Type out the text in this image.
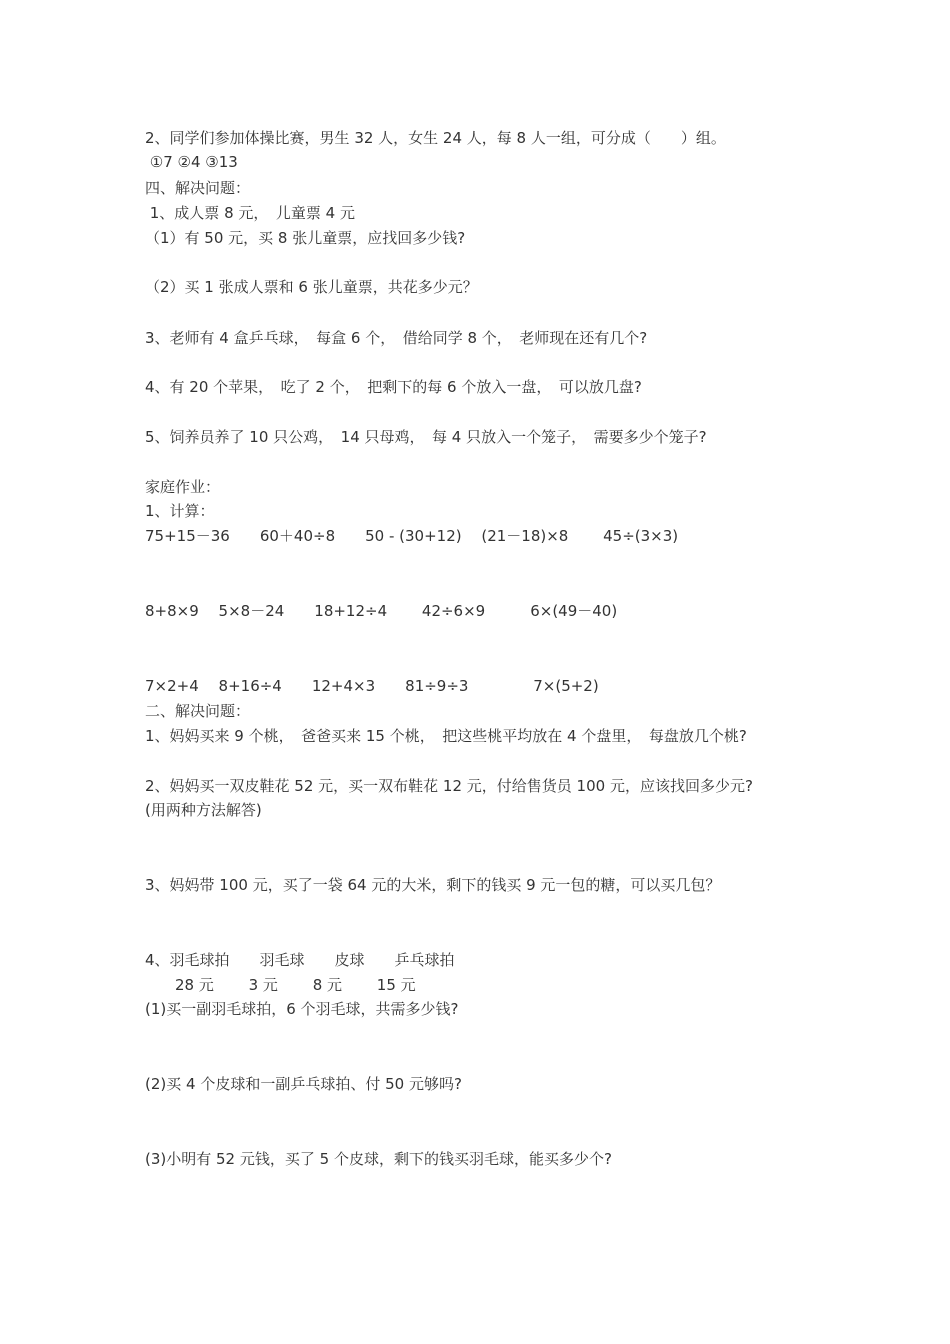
2、同学们参加体操比赛，男生 32 人，女生 24 人，每 8 人一组，可分成（　　）组。
①7 ②4 ③13
四、解决问题：
1、成人票 8 元，　儿童票 4 元
（1）有 50 元，买 8 张儿童票，应找回多少钱?
（2）买 1 张成人票和 6 张儿童票，共花多少元？
3、老师有 4 盒乒乓球，　每盒 6 个，　借给同学 8 个，　老师现在还有几个?
4、有 20 个苹果，　吃了 2 个，　把剩下的每 6 个放入一盘，　可以放几盘?
5、饲养员养了 10 只公鸡，　14 只母鸡，　每 4 只放入一个笼子，　需要多少个笼子?
家庭作业：
1、计算：
75+15－36　　60＋40÷8　　50 - (30+12)　 (21－18)×8　　 45÷(3×3)
8+8×9　 5×8－24　　18+12÷4　　 42÷6×9　　　6×(49－40)
7×2+4　 8+16÷4　　12+4×3　　81÷9÷3　　　　 7×(5+2)
二、解决问题：
1、妈妈买来 9 个桃，　爸爸买来 15 个桃，　把这些桃平均放在 4 个盘里，　每盘放几个桃?
2、妈妈买一双皮鞋花 52 元，买一双布鞋花 12 元，付给售货员 100 元，应该找回多少元?
(用两种方法解答)
3、妈妈带 100 元，买了一袋 64 元的大米，剩下的钱买 9 元一包的糖，可以买几包？
4、羽毛球拍　　羽毛球　　皮球　　乒乓球拍
　　28 元　　 3 元　　 8 元　　 15 元
(1)买一副羽毛球拍，6 个羽毛球，共需多少钱?
(2)买 4 个皮球和一副乒乓球拍、付 50 元够吗?
(3)小明有 52 元钱，买了 5 个皮球，剩下的钱买羽毛球，能买多少个?
